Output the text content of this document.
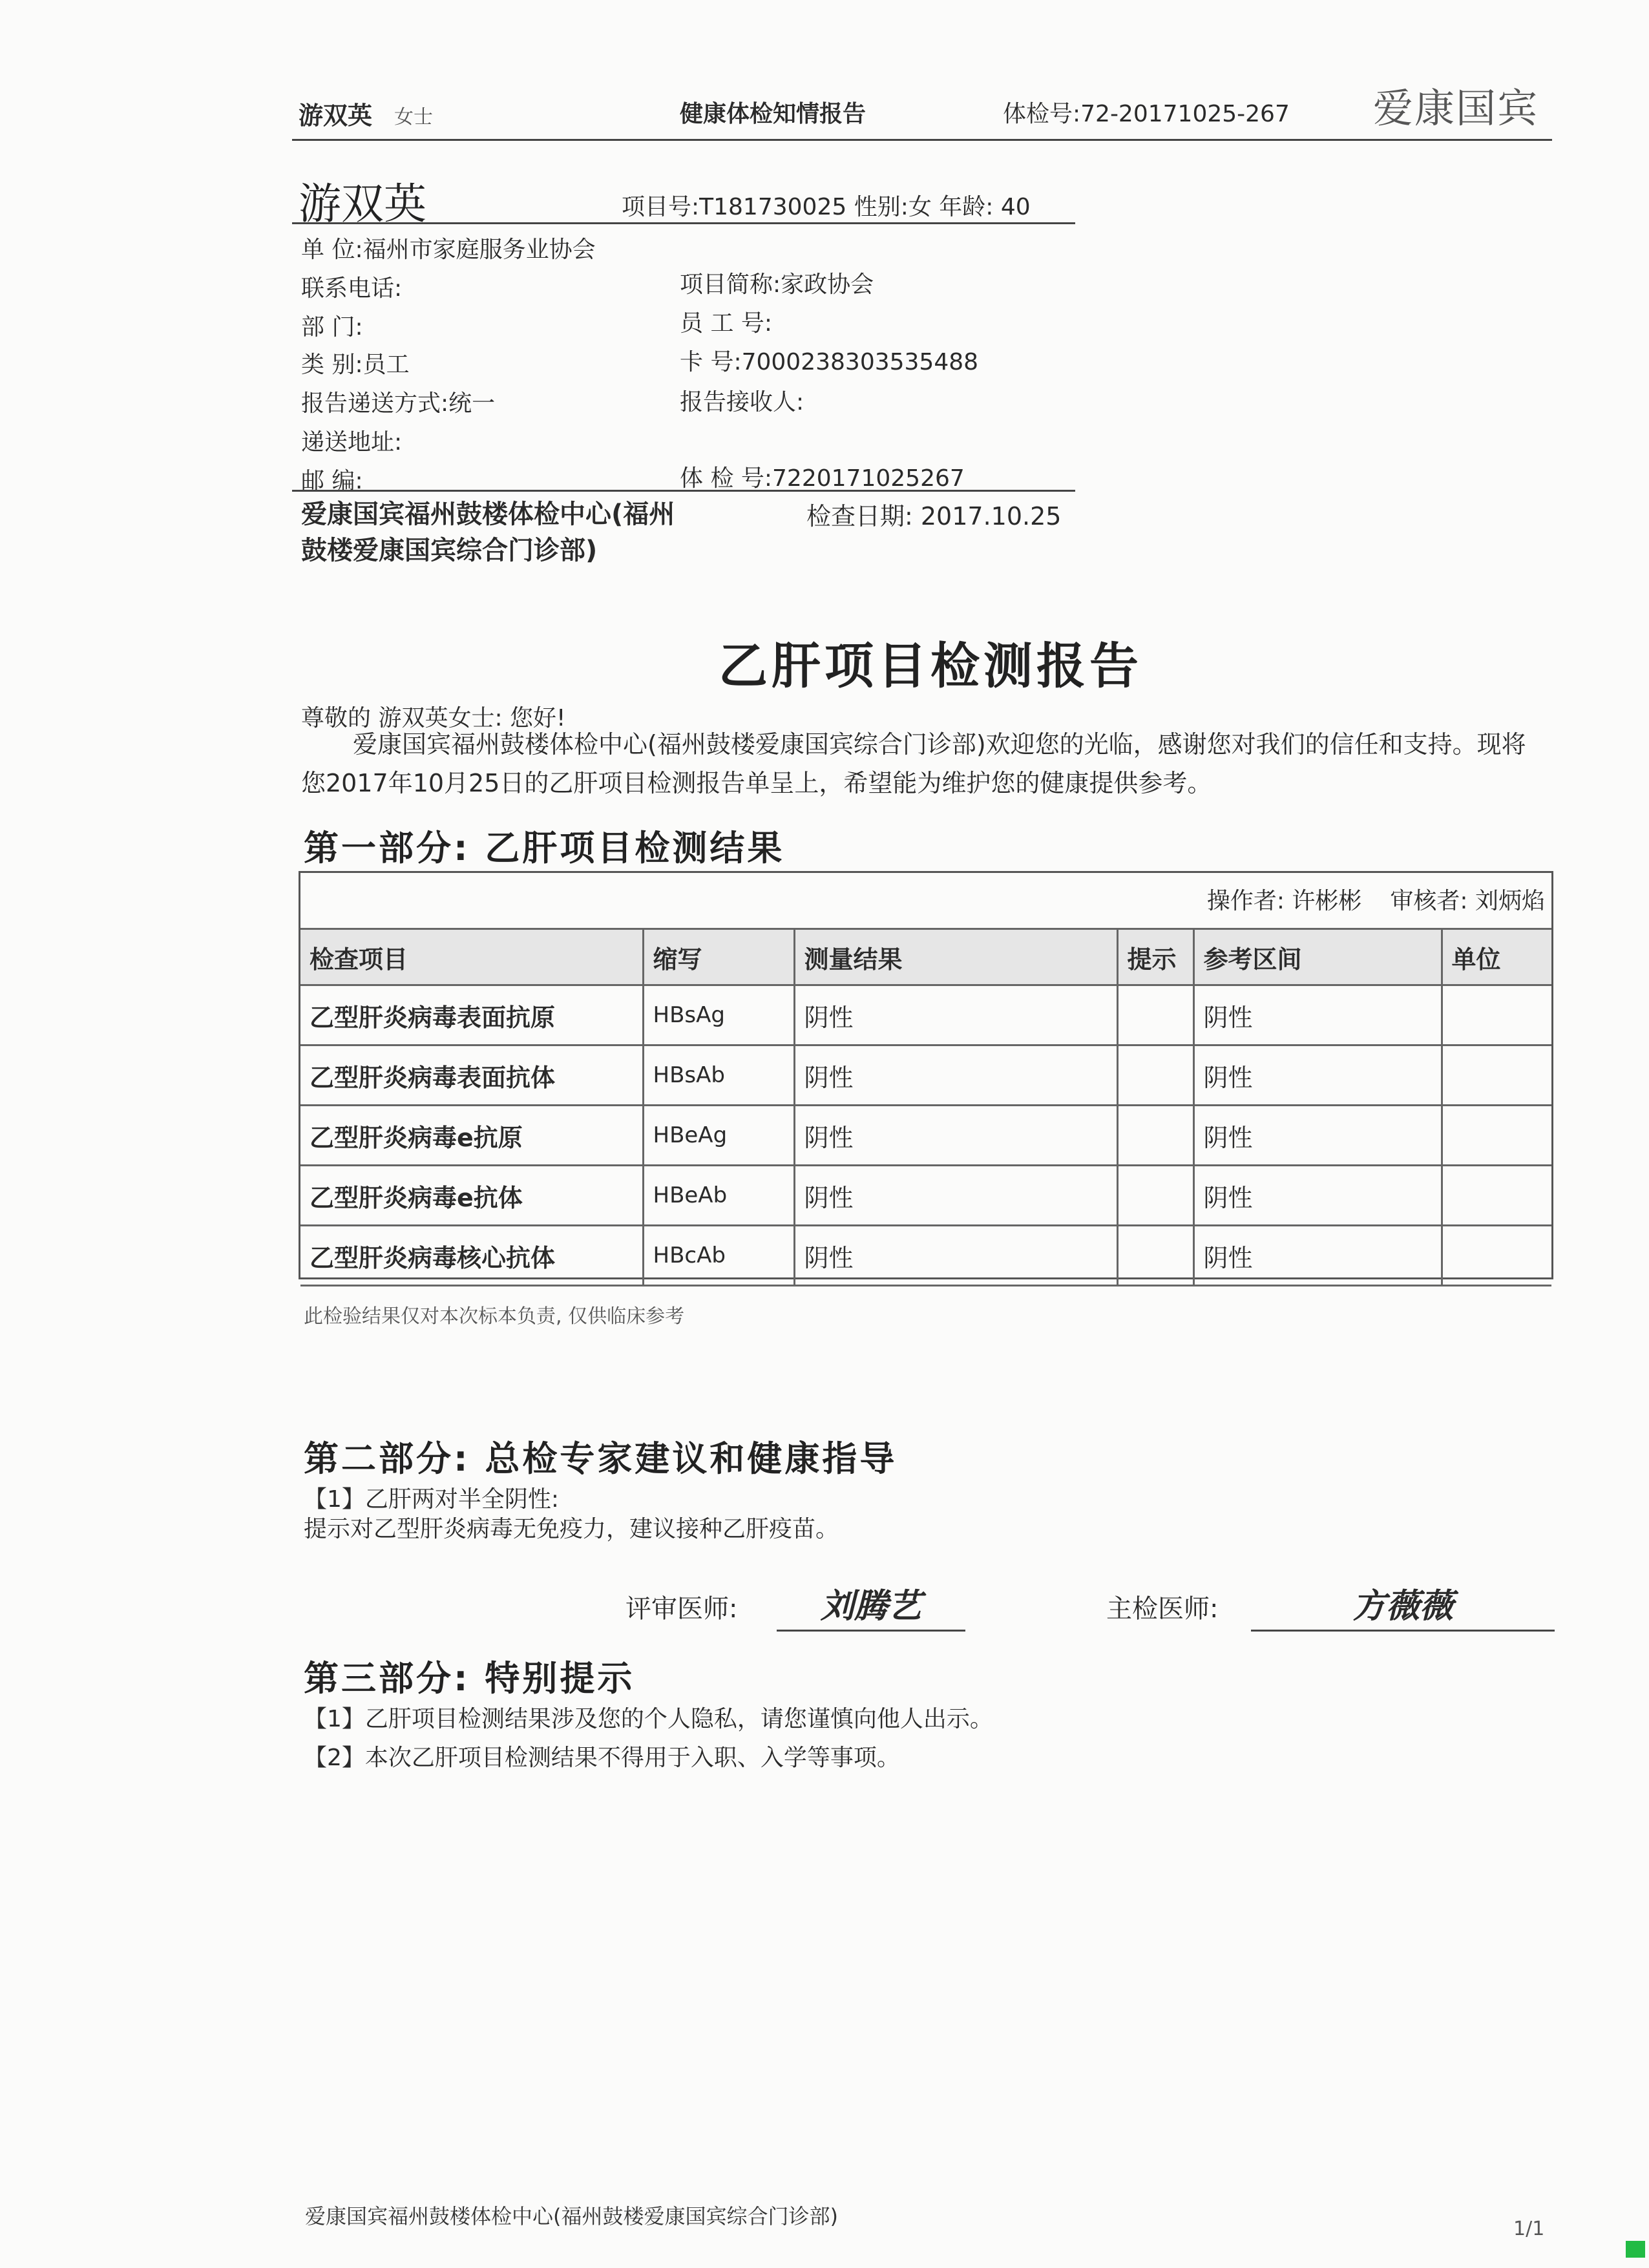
游双英 女士	健康体检知情报告	体检号:72-20171025-267 爱康国宾
游双英	项目号:T181730025 性别:女 年龄: 40
单 位:福州市家庭服务业协会
联系电话:	项目简称:家政协会
部 门:	员 工 号:
类 别:员工	卡 号:7000238303535488
报告递送方式:统一	报告接收人:
递送地址:
邮 编:	体 检 号:7220171025267
爱康国宾福州鼓楼体检中心(福州鼓楼爱康国宾综合门诊部)
检查日期: 2017.10.25
乙肝项目检测报告
尊敬的 游双英女士: 您好!
爱康国宾福州鼓楼体检中心(福州鼓楼爱康国宾综合门诊部)欢迎您的光临，感谢您对我们的信任和支持。现将您2017年10月25日的乙肝项目检测报告单呈上，希望能为维护您的健康提供参考。
第一部分: 乙肝项目检测结果
操作者: 许彬彬 审核者: 刘炳焰
检查项目	缩写	测量结果	提示	参考区间	单位
乙型肝炎病毒表面抗原	HBsAg	阴性		阴性	
乙型肝炎病毒表面抗体	HBsAb	阴性		阴性	
乙型肝炎病毒e抗原	HBeAg	阴性		阴性	
乙型肝炎病毒e抗体	HBeAb	阴性		阴性	
乙型肝炎病毒核心抗体	HBcAb	阴性		阴性	
此检验结果仅对本次标本负责, 仅供临床参考
第二部分: 总检专家建议和健康指导
【1】乙肝两对半全阴性:
提示对乙型肝炎病毒无免疫力，建议接种乙肝疫苗。
评审医师:	刘腾艺	主检医师:	方薇薇
第三部分: 特别提示
【1】乙肝项目检测结果涉及您的个人隐私，请您谨慎向他人出示。
【2】本次乙肝项目检测结果不得用于入职、入学等事项。
爱康国宾福州鼓楼体检中心(福州鼓楼爱康国宾综合门诊部)
1/1
